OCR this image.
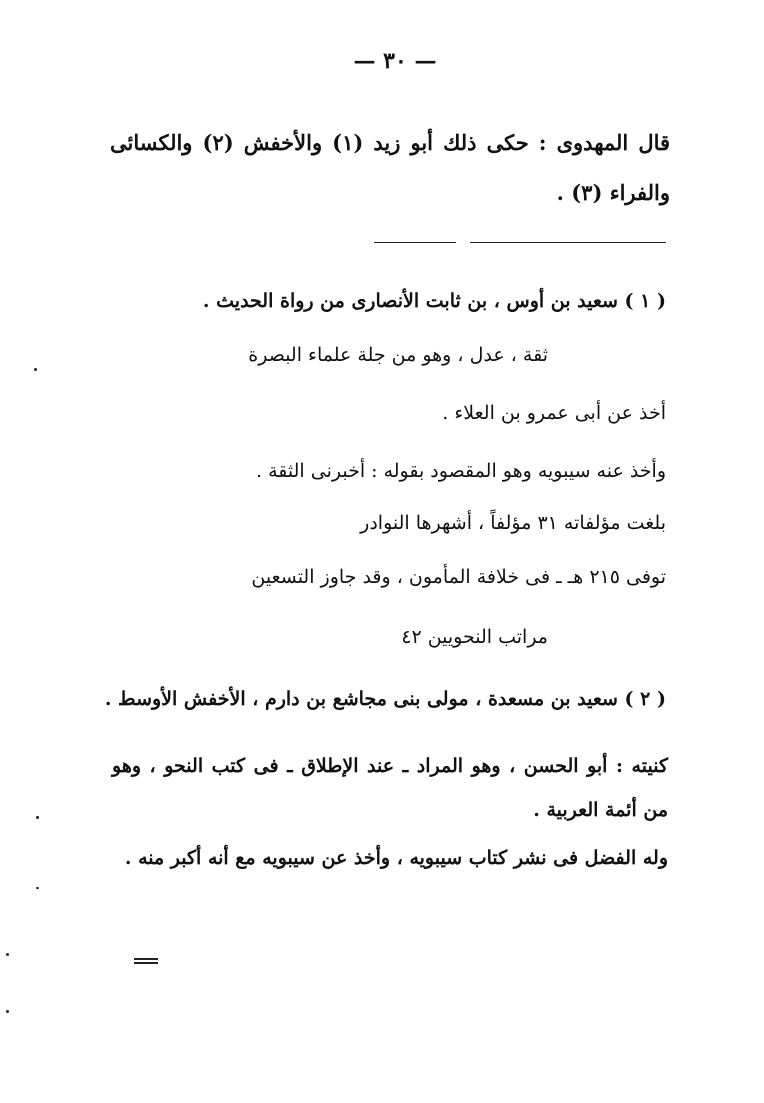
— ٣٠ —
قال المهدوى : حكى ذلك أبو زيد (١) والأخفش (٢) والكسائى والفراء (٣) .
( ١ ) سعيد بن أوس ، بن ثابت الأنصارى من رواة الحديث .
ثقة ، عدل ، وهو من جلة علماء البصرة
أخذ عن أبى عمرو بن العلاء .
وأخذ عنه سيبويه وهو المقصود بقوله : أخبرنى الثقة .
بلغت مؤلفاته ٣١ مؤلفاً ، أشهرها النوادر
توفى ٢١٥ هـ ـ فى خلافة المأمون ، وقد جاوز التسعين
مراتب النحويين ٤٢
( ٢ ) سعيد بن مسعدة ، مولى بنى مجاشع بن دارم ، الأخفش الأوسط .
كنيته : أبو الحسن ، وهو المراد ـ عند الإطلاق ـ فى كتب النحو ، وهو من أئمة العربية .
وله الفضل فى نشر كتاب سيبويه ، وأخذ عن سيبويه مع أنه أكبر منه .
